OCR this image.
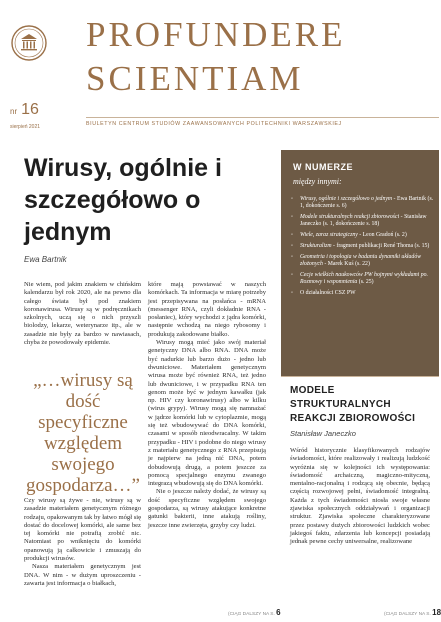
PROFUNDERE
SCIENTIAM
nr 16
sierpień 2021	BIULETYN CENTRUM STUDIÓW ZAAWANSOWANYCH POLITECHNIKI WARSZAWSKIEJ
Wirusy, ogólnie i szczegółowo o jednym
Ewa Bartnik

Nie wiem, pod jakim znakiem w chińskim kalendarzu był rok 2020, ale na pewno dla całego świata był pod znakiem koronawirusa. Wirusy są w podręcznikach szkolnych, uczą się o nich przyszli biolodzy, lekarze, weterynarze itp., ale w zasadzie nie były za bardzo w nawiasach, chyba że powodowały epidemie.

„…wirusy są dość specyficzne względem swojego gospodarza…”

Czy wirusy są żywe - nie, wirusy są w zasadzie materiałem genetycznym różnego rodzaju, opakowanym tak by łatwo mógł się dostać do docelowej komórki, ale same bez tej komórki nie potrafią zrobić nic. Natomiast po wniknięciu do komórki opanowują ją całkowicie i zmuszają do produkcji wirusów.

Nasza materiałem genetycznym jest DNA. W nim - w dużym uproszczeniu - zawarta jest informacja o białkach,

które mają powstawać w naszych komórkach. Ta informacja w miarę potrzeby jest przepisywana na posłańca - mRNA (messenger RNA, czyli dokładnie RNA - posłaniec), który wychodzi z jądra komórki, następnie wchodzą na niego rybosomy i produkują zakodowane białko.

Wirusy mogą mieć jako swój materiał genetyczny DNA albo RNA. DNA może być nadurkie lub barzo dużo - jedno lub dwuniciowe. Materiałem genetycznym wirusa może być również RNA, też jedno lub dwuniciowe, i w przypadku RNA ten genom może być w jednym kawałku (jak np. HIV czy koronawirusy) albo w kilku (wirus grypy). Wirusy mogą się namnażać w jądrze komórki lub w cytoplazmie, mogą się też wbudowywać do DNA komórki, czasami w sposób nieodwracalny. W takim przypadku - HIV i podobne do niego wirusy z materiału genetycznego z RNA przepisują je najpierw na jedną nić DNA, potem dobudowują drugą, a potem jeszcze za pomocą specjalnego enzymu zwanego integrazą wbudowują się do DNA komórki.

Nie o jeszcze należy dodać, że wirusy są dość specyficzne względem swojego gospodarza, są wirusy atakujące konkretne gatunki bakterii, inne atakują rośliny, jeszcze inne zwierzęta, grzyby czy ludzi.

W NUMERZE
między innymi:
◦ Wirusy, ogólnie i szczegółowo o jednym - Ewa Bartnik (s. 1, dokończenie s. 6)
◦ Modele strukturalnych reakcji zbiorowości - Stanisław Janeczko (s. 1, dokończenie s. 18)
◦ Wiele, zaraz strategiczny - Leon Gradoń (s. 2)
◦ Strukturalizm - fragment publikacji René Thoma (s. 15)
◦ Geometria i topologia w badaniu dynamiki układów złożonych - Marek Kuś (s. 22)
◦ Cecje wielkich naukowców PW hojnymi wykładami po. Rozmowy i wspomnienia (s. 25)
◦ O działalności CSZ PW
MODELE STRUKTURALNYCH REAKCJI ZBIOROWOŚCI
Stanisław Janeczko

Wśród historycznie klasyfikowanych rodzajów świadomości, które realizowały i realizują ludzkość wyróżnia się w kolejności ich występowania: świadomość archaiczną, magiczno-mityczną, mentalno-racjonalną i rodzącą się obecnie, będącą częścią rozwojowej pełni, świadomość integralną. Każda z tych świadomości niosła swoje własne zjawiska społecznych oddziaływań i organizacji struktur. Zjawiska społeczne charakteryzowane przez postawy dużych zbiorowości ludzkich wobec jakiegoś faktu, zdarzenia lub koncepcji posiadają jednak pewne cechy uniwersalne, realizowane

(CIĄG DALSZY NA S. 6	(CIĄG DALSZY NA S. 18
